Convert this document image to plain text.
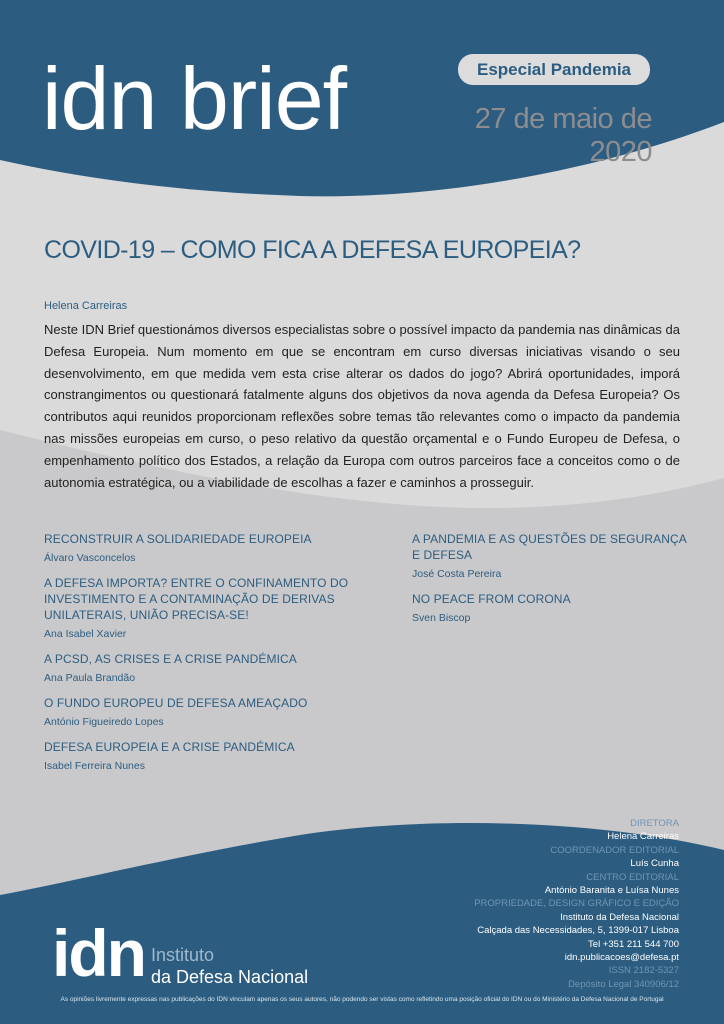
idn brief	Especial Pandemia
27 de maio de 2020
COVID-19 – COMO FICA A DEFESA EUROPEIA?
Helena Carreiras
Neste IDN Brief questionámos diversos especialistas sobre o possível impacto da pandemia nas dinâmicas da Defesa Europeia. Num momento em que se encontram em curso diversas iniciativas visando o seu desenvolvimento, em que medida vem esta crise alterar os dados do jogo? Abrirá oportunidades, imporá constrangimentos ou questionará fatalmente alguns dos objetivos da nova agenda da Defesa Europeia? Os contributos aqui reunidos proporcionam reflexões sobre temas tão relevantes como o impacto da pandemia nas missões europeias em curso, o peso relativo da questão orçamental e o Fundo Europeu de Defesa, o empenhamento político dos Estados, a relação da Europa com outros parceiros face a conceitos como o de autonomia estratégica, ou a viabilidade de escolhas a fazer e caminhos a prosseguir.
RECONSTRUIR A SOLIDARIEDADE EUROPEIA
Álvaro Vasconcelos
A DEFESA IMPORTA? ENTRE O CONFINAMENTO DO INVESTIMENTO E A CONTAMINAÇÃO DE DERIVAS UNILATERAIS, UNIÃO PRECISA-SE!
Ana Isabel Xavier
A PCSD, AS CRISES E A CRISE PANDÉMICA
Ana Paula Brandão
O FUNDO EUROPEU DE DEFESA AMEAÇADO
António Figueiredo Lopes
DEFESA EUROPEIA E A CRISE PANDÉMICA
Isabel Ferreira Nunes
A PANDEMIA E AS QUESTÕES DE SEGURANÇA E DEFESA
José Costa Pereira
NO PEACE FROM CORONA
Sven Biscop
DIRETORA
Helena Carreiras
COORDENADOR EDITORIAL
Luís Cunha
CENTRO EDITORIAL
António Baranita e Luísa Nunes
PROPRIEDADE, DESIGN GRÁFICO E EDIÇÃO
Instituto da Defesa Nacional
Calçada das Necessidades, 5, 1399-017 Lisboa
Tel +351 211 544 700
idn.publicacoes@defesa.pt
ISSN 2182-5327
Depósito Legal 340906/12
idn Instituto
da Defesa Nacional
As opiniões livremente expressas nas publicações do IDN vinculam apenas os seus autores, não podendo ser vistas como refletindo uma posição oficial do IDN ou do Ministério da Defesa Nacional de Portugal
